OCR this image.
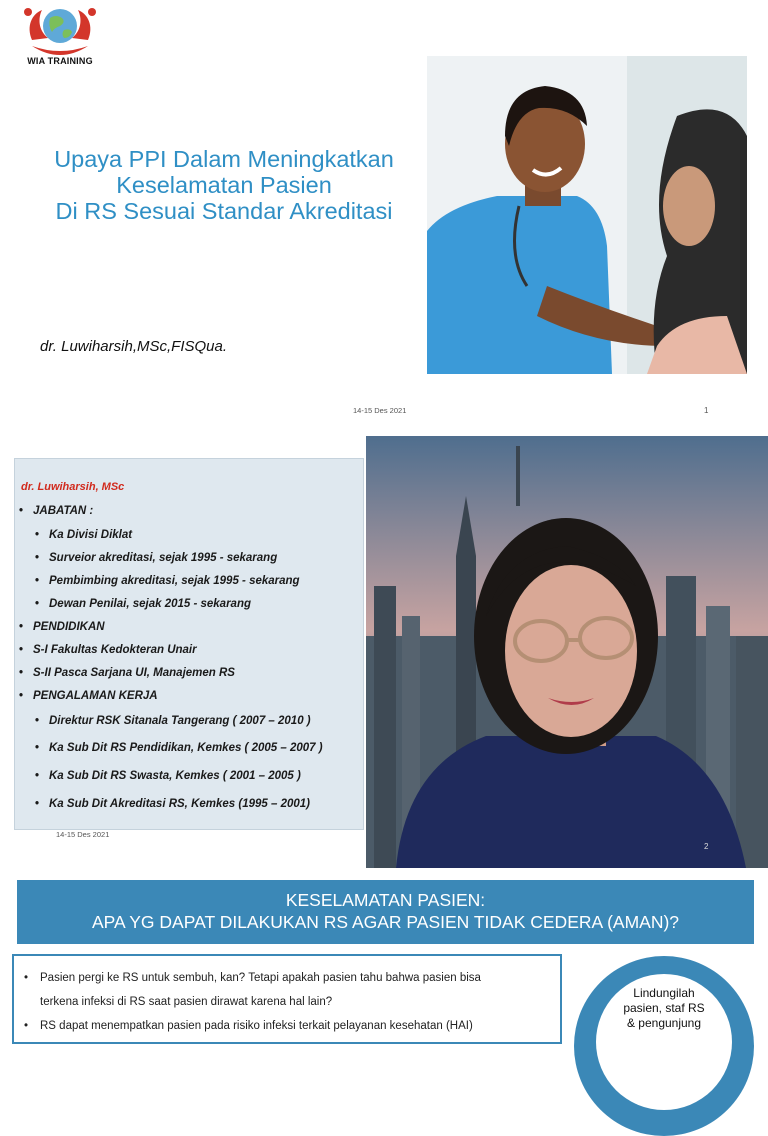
WIA TRAINING
Upaya PPI Dalam Meningkatkan
Keselamatan Pasien
Di RS Sesuai Standar Akreditasi
dr. Luwiharsih,MSc,FISQua.
14-15 Des 2021	1
dr. Luwiharsih, MSc
• JABATAN :
• Ka Divisi Diklat
• Surveior akreditasi, sejak 1995 - sekarang
• Pembimbing akreditasi, sejak 1995 - sekarang
• Dewan Penilai, sejak 2015 - sekarang
• PENDIDIKAN
• S-I Fakultas Kedokteran Unair
• S-II Pasca Sarjana UI, Manajemen RS
• PENGALAMAN KERJA
• Direktur RSK Sitanala Tangerang ( 2007 – 2010 )
• Ka Sub Dit RS Pendidikan, Kemkes ( 2005 – 2007 )
• Ka Sub Dit RS Swasta, Kemkes ( 2001 – 2005 )
• Ka Sub Dit Akreditasi RS, Kemkes (1995 – 2001)
14-15 Des 2021
2
KESELAMATAN PASIEN:
APA YG DAPAT DILAKUKAN RS AGAR PASIEN TIDAK CEDERA (AMAN)?
• Pasien pergi ke RS untuk sembuh, kan? Tetapi apakah pasien tahu bahwa pasien bisa
terkena infeksi di RS saat pasien dirawat karena hal lain?
• RS dapat menempatkan pasien pada risiko infeksi terkait pelayanan kesehatan (HAI)
Lindungilah
pasien, staf RS
& pengunjung
